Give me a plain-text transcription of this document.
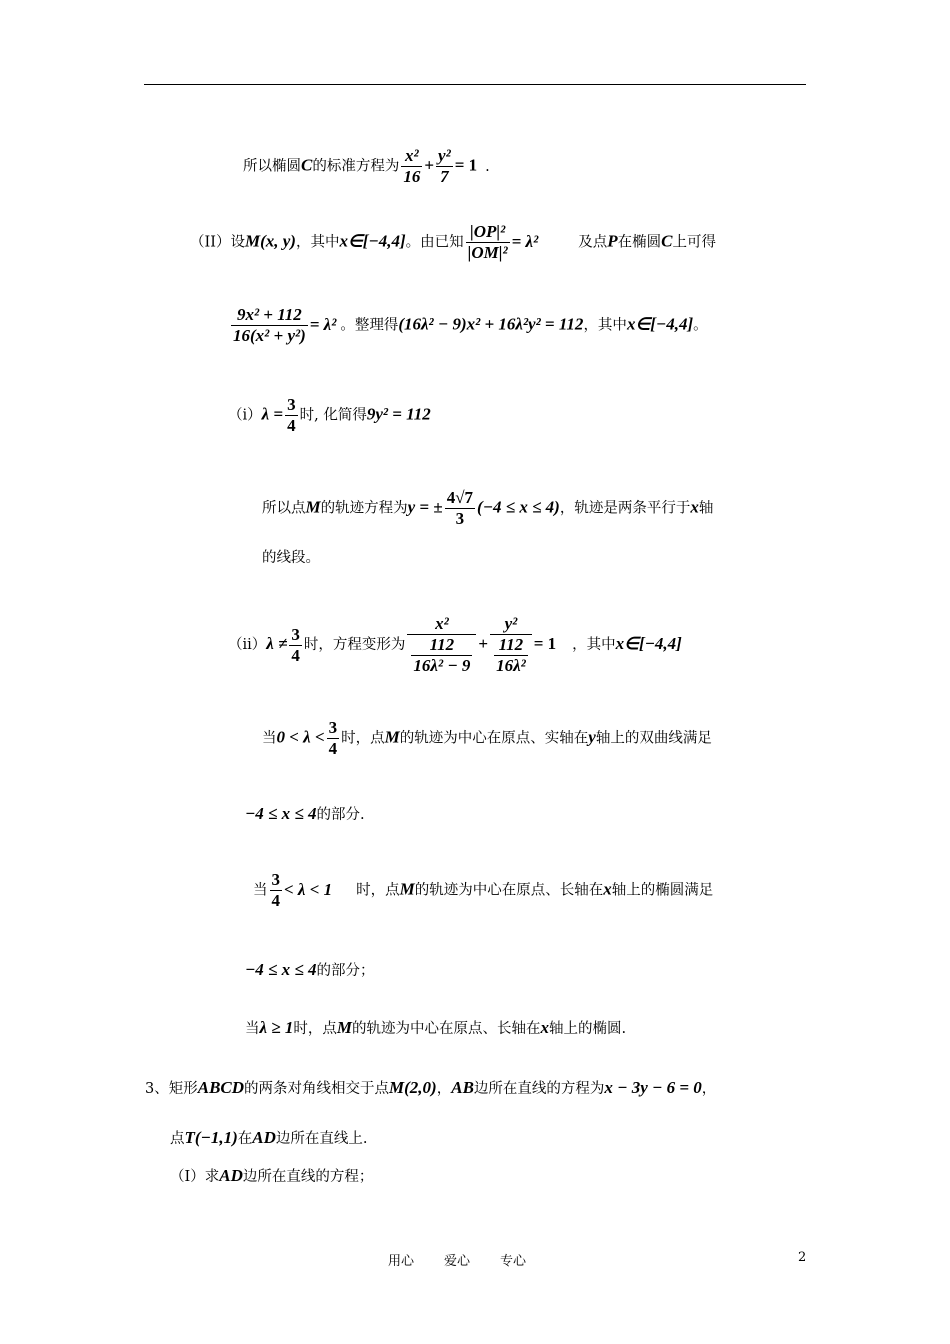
所以椭圆C的标准方程为 $\frac{\text{x²}}{16} + \frac{\text{y²}}{7} = 1$ .
（II）设M(x, y)，其中x∈[−4,4]。由已知 $\frac{\text{|OP|²}}{\text{|OM|²}} = \lambda^2$	及点P在椭圆C上可得
$\frac{\text{9x² + 112}}{\text{16(x² + y²)}} = \lambda^2$ 。整理得(16λ² − 9)x² + 16λ²y² = 112，其中x∈[−4,4]。
$(i)\lambda = \frac{3}{4}$ 时, 化简得9y² = 112
所以点M的轨迹方程为y = ± $\frac{4√7}{3} (-4 \le x \le 4)$，轨迹是两条平行于x轴
的线段。
$(ii)\lambda \ne \frac{3}{4}$ 时，方程变形为 x²
112
16λ² − 9 + y²
112
16λ² = 1 ，其中x∈[−4,4]
当$0 < \lambda < \frac{3}{4}$ 时，点M的轨迹为中心在原点、实轴在y轴上的双曲线满足
−4 ≤ x ≤ 4的部分.
当 $\frac{3}{4} < \lambda < 1$ 时，点M的轨迹为中心在原点、长轴在x轴上的椭圆满足
−4 ≤ x ≤ 4的部分；
当λ ≥ 1时，点M的轨迹为中心在原点、长轴在x轴上的椭圆.
3、矩形ABCD的两条对角线相交于点M(2,0)，AB边所在直线的方程为x − 3y − 6 = 0，
点T(−1,1)在AD边所在直线上.
（I）求AD边所在直线的方程；
用心 爱心 专心	2
